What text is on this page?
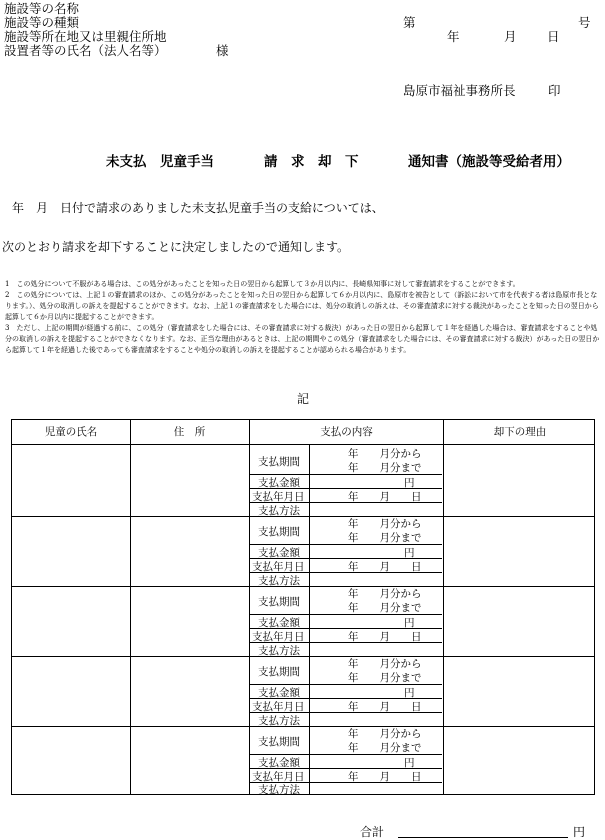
施設等の名称
施設等の種類
施設等所在地又は里親住所地
設置者等の氏名（法人名等）	様
第	号
年	月 日
島原市福祉事務所長	印
未支払　児童手当	請　求　却　下	通知書（施設等受給者用）
年　月　日付で請求のありました未支払児童手当の支給については、
次のとおり請求を却下することに決定しましたので通知します。

1　この処分について不服がある場合は、この処分があったことを知った日の翌日から起算して３か月以内に、長崎県知事に対して審査請求をすることができます。

2　この処分については、上記１の審査請求のほか、この処分があったことを知った日の翌日から起算して６か月以内に、島原市を被告として（訴訟において市を代表する者は島原市長となります。）、処分の取消しの訴えを提起することができます。なお、上記１の審査請求をした場合には、処分の取消しの訴えは、その審査請求に対する裁決があったことを知った日の翌日から起算して６か月以内に提起することができます。

3　ただし、上記の期間が経過する前に、この処分（審査請求をした場合には、その審査請求に対する裁決）があった日の翌日から起算して１年を経過した場合は、審査請求をすることや処分の取消しの訴えを提起することができなくなります。なお、正当な理由があるときは、上記の期間やこの処分（審査請求をした場合には、その審査請求に対する裁決）があった日の翌日から起算して１年を経過した後であっても審査請求をすることや処分の取消しの訴えを提起することが認められる場合があります。

記
児童の氏名	住　所	支払の内容	却下の理由
支払期間
年　　月分から
年　　月分まで
支払金額	円
支払年月日	年　　月　　日
支払方法
支払期間
年　　月分から
年　　月分まで
支払金額	円
支払年月日	年　　月　　日
支払方法
支払期間
年　　月分から
年　　月分まで
支払金額	円
支払年月日	年　　月　　日
支払方法
支払期間
年　　月分から
年　　月分まで
支払金額	円
支払年月日	年　　月　　日
支払方法
支払期間
年　　月分から
年　　月分まで
支払金額	円
支払年月日	年　　月　　日
支払方法
合計	円
